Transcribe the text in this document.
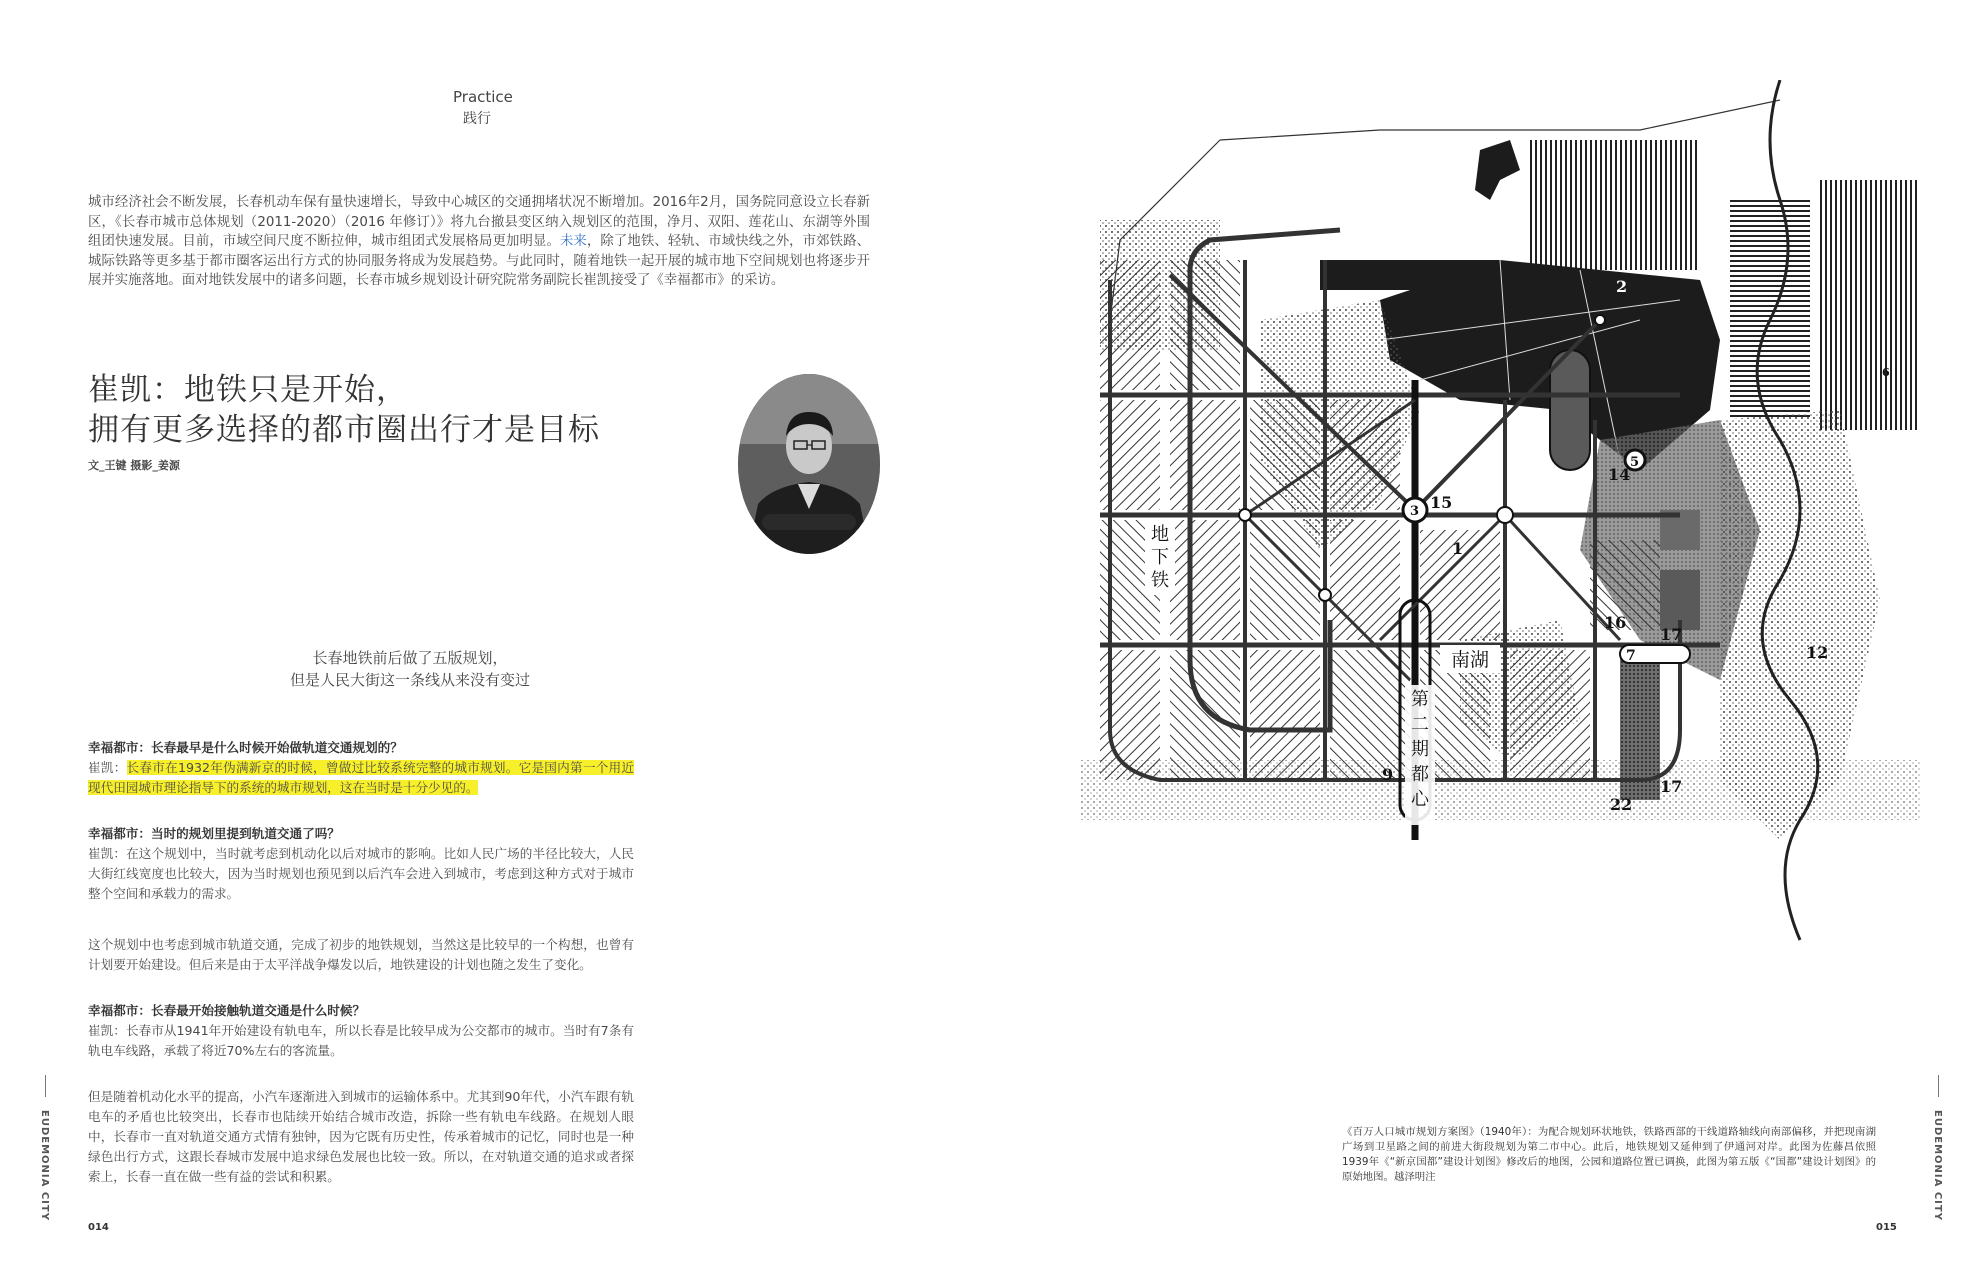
Practice
践行
城市经济社会不断发展，长春机动车保有量快速增长，导致中心城区的交通拥堵状况不断增加。2016年2月，国务院同意设立长春新区，《长春市城市总体规划（2011-2020）（2016 年修订）》将九台撤县变区纳入规划区的范围，净月、双阳、莲花山、东湖等外围组团快速发展。目前，市域空间尺度不断拉伸，城市组团式发展格局更加明显。未来，除了地铁、轻轨、市域快线之外，市郊铁路、城际铁路等更多基于都市圈客运出行方式的协同服务将成为发展趋势。与此同时，随着地铁一起开展的城市地下空间规划也将逐步开展并实施落地。面对地铁发展中的诸多问题，长春市城乡规划设计研究院常务副院长崔凯接受了《幸福都市》的采访。
崔凯：地铁只是开始，
拥有更多选择的都市圈出行才是目标
文_王键 摄影_姜源
长春地铁前后做了五版规划，
但是人民大街这一条线从来没有变过
幸福都市：长春最早是什么时候开始做轨道交通规划的？
崔凯：长春市在1932年伪满新京的时候，曾做过比较系统完整的城市规划。它是国内第一个用近现代田园城市理论指导下的系统的城市规划，这在当时是十分少见的。
幸福都市：当时的规划里提到轨道交通了吗？
崔凯：在这个规划中，当时就考虑到机动化以后对城市的影响。比如人民广场的半径比较大，人民大街红线宽度也比较大，因为当时规划也预见到以后汽车会进入到城市，考虑到这种方式对于城市整个空间和承载力的需求。
这个规划中也考虑到城市轨道交通，完成了初步的地铁规划，当然这是比较早的一个构想，也曾有计划要开始建设。但后来是由于太平洋战争爆发以后，地铁建设的计划也随之发生了变化。
幸福都市：长春最开始接触轨道交通是什么时候？
崔凯：长春市从1941年开始建设有轨电车，所以长春是比较早成为公交都市的城市。当时有7条有轨电车线路，承载了将近70%左右的客流量。
但是随着机动化水平的提高，小汽车逐渐进入到城市的运输体系中。尤其到90年代，小汽车跟有轨电车的矛盾也比较突出，长春市也陆续开始结合城市改造，拆除一些有轨电车线路。在规划人眼中，长春市一直对轨道交通方式情有独钟，因为它既有历史性，传承着城市的记忆，同时也是一种绿色出行方式，这跟长春城市发展中追求绿色发展也比较一致。所以，在对轨道交通的追求或者探索上，长春一直在做一些有益的尝试和积累。
EUDEMONIA CITY
014
EUDEMONIA CITY
015
地
下
铁
南湖
第
二
期
都
心
2
5
14
15
3
1
16
17
12
7
17
22
9
6
《百万人口城市规划方案图》（1940年）：为配合规划环状地铁，铁路西部的干线道路轴线向南部偏移，并把现南湖广场到卫星路之间的前进大街段规划为第二市中心。此后，地铁规划又延伸到了伊通河对岸。此图为佐藤昌依照1939年《“新京国都”建设计划图》修改后的地图，公园和道路位置已调换，此图为第五版《“国都”建设计划图》的原始地图。越泽明注
